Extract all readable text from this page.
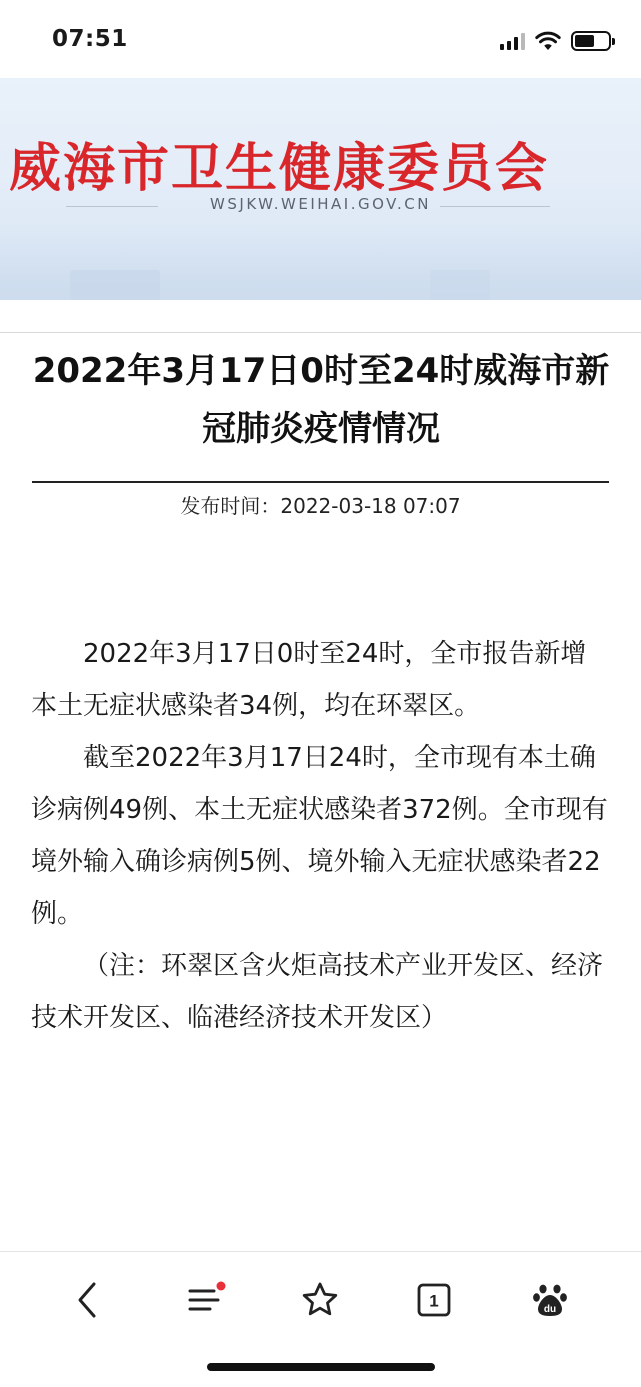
07:51
威海市卫生健康委员会
WSJKW.WEIHAI.GOV.CN
2022年3月17日0时至24时威海市新冠肺炎疫情情况
发布时间：2022-03-18 07:07

2022年3月17日0时至24时，全市报告新增本土无症状感染者34例，均在环翠区。

截至2022年3月17日24时，全市现有本土确诊病例49例、本土无症状感染者372例。全市现有境外输入确诊病例5例、境外输入无症状感染者22例。

（注：环翠区含火炬高技术产业开发区、经济技术开发区、临港经济技术开发区）

1	du
